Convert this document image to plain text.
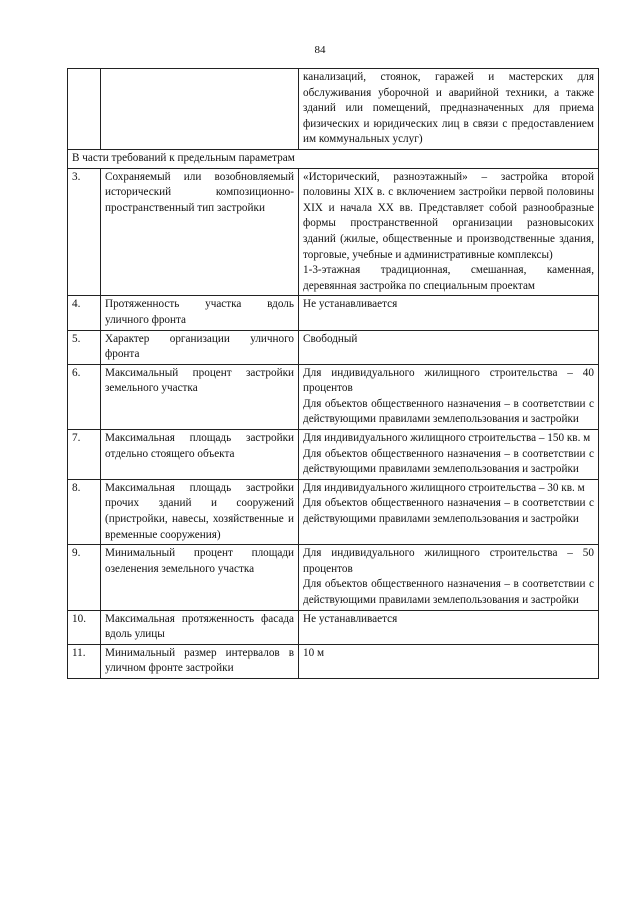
84
		канализаций, стоянок, гаражей и мастерских для обслуживания уборочной и аварийной техники, а также зданий или помещений, предназначенных для приема физических и юридических лиц в связи с предоставлением им коммунальных услуг)
В части требований к предельным параметрам		
3.	Сохраняемый или возобновляемый исторический композиционно-пространственный тип застройки	«Исторический, разноэтажный» – застройка второй половины XIX в. с включением застройки первой половины XIX и начала XX вв. Представляет собой разнообразные формы пространственной организации разновысоких зданий (жилые, общественные и производственные здания, торговые, учебные и административные комплексы)

1-3-этажная традиционная, смешанная, каменная, деревянная застройка по специальным проектам

4.	Протяженность участка вдоль уличного фронта	Не устанавливается

5.	Характер организации уличного фронта	Свободный

6.	Максимальный процент застройки земельного участка	Для индивидуального жилищного строительства – 40 процентов

Для объектов общественного назначения – в соответствии с действующими правилами землепользования и застройки

7.	Максимальная площадь застройки отдельно стоящего объекта	Для индивидуального жилищного строительства – 150 кв. м

Для объектов общественного назначения – в соответствии с действующими правилами землепользования и застройки

8.	Максимальная площадь застройки прочих зданий и сооружений (пристройки, навесы, хозяйственные и временные сооружения)	Для индивидуального жилищного строительства – 30 кв. м

Для объектов общественного назначения – в соответствии с действующими правилами землепользования и застройки

9.	Минимальный процент площади озеленения земельного участка	Для индивидуального жилищного строительства – 50 процентов

Для объектов общественного назначения – в соответствии с действующими правилами землепользования и застройки

10.	Максимальная протяженность фасада вдоль улицы	Не устанавливается

11.	Минимальный размер интервалов в уличном фронте застройки	10 м
